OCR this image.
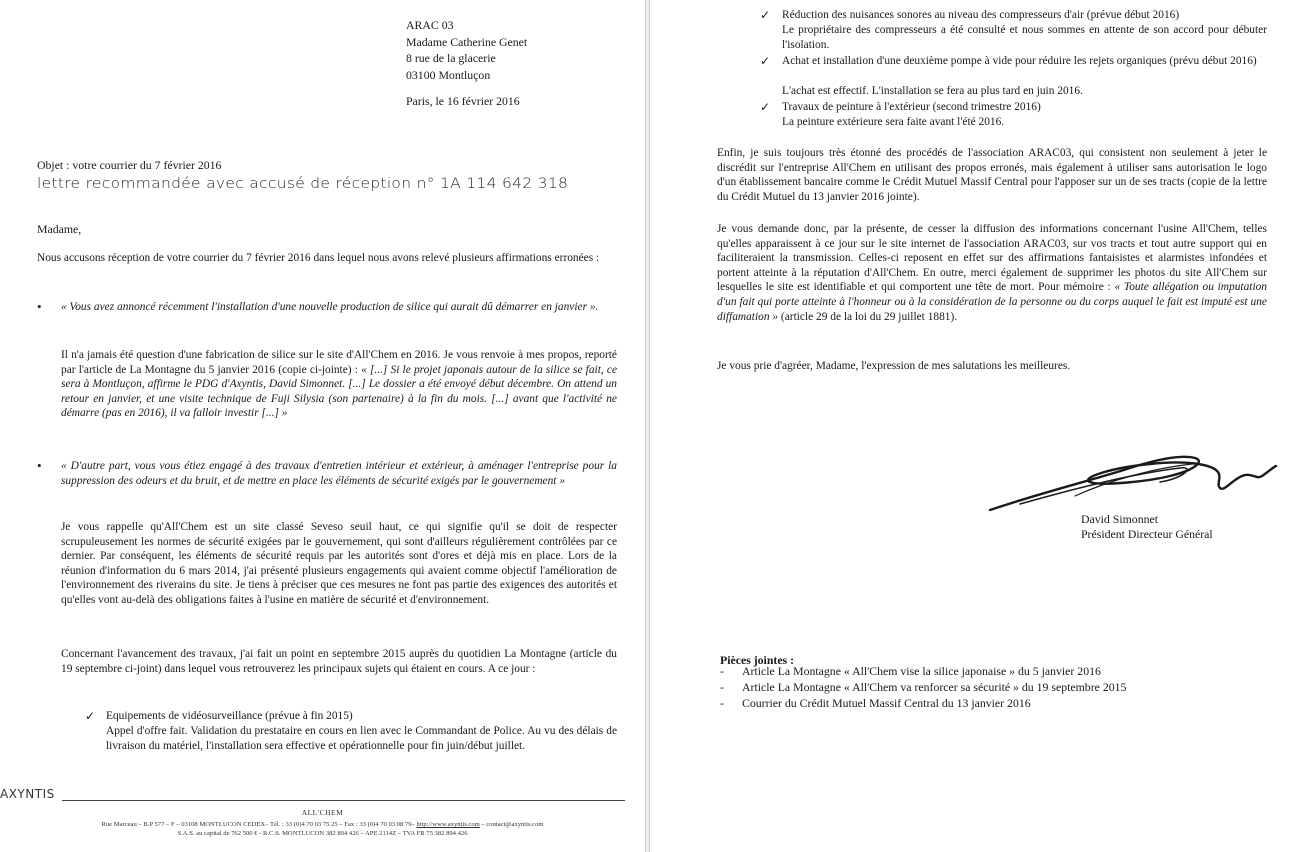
ARAC 03
Madame Catherine Genet
8 rue de la glacerie
03100 Montluçon
Paris, le 16 février 2016
Objet : votre courrier du 7 février 2016
lettre recommandée avec accusé de réception n° 1A 114 642 318
Madame,
Nous accusons réception de votre courrier du 7 février 2016 dans lequel nous avons relevé plusieurs affirmations erronées :
• « Vous avez annoncé récemment l'installation d'une nouvelle production de silice qui aurait dû démarrer en janvier ».
Il n'a jamais été question d'une fabrication de silice sur le site d'All'Chem en 2016. Je vous renvoie à mes propos, reporté par l'article de La Montagne du 5 janvier 2016 (copie ci-jointe) : « [...] Si le projet japonais autour de la silice se fait, ce sera à Montluçon, affirme le PDG d'Axyntis, David Simonnet. [...] Le dossier a été envoyé début décembre. On attend un retour en janvier, et une visite technique de Fuji Silysia (son partenaire) à la fin du mois. [...] avant que l'activité ne démarre (pas en 2016), il va falloir investir [...] »
• « D'autre part, vous vous étiez engagé à des travaux d'entretien intérieur et extérieur, à aménager l'entreprise pour la suppression des odeurs et du bruit, et de mettre en place les éléments de sécurité exigés par le gouvernement »
Je vous rappelle qu'All'Chem est un site classé Seveso seuil haut, ce qui signifie qu'il se doit de respecter scrupuleusement les normes de sécurité exigées par le gouvernement, qui sont d'ailleurs régulièrement contrôlées par ce dernier. Par conséquent, les éléments de sécurité requis par les autorités sont d'ores et déjà mis en place. Lors de la réunion d'information du 6 mars 2014, j'ai présenté plusieurs engagements qui avaient comme objectif l'amélioration de l'environnement des riverains du site. Je tiens à préciser que ces mesures ne font pas partie des exigences des autorités et qu'elles vont au-delà des obligations faites à l'usine en matière de sécurité et d'environnement.
Concernant l'avancement des travaux, j'ai fait un point en septembre 2015 auprès du quotidien La Montagne (article du 19 septembre ci-joint) dans lequel vous retrouverez les principaux sujets qui étaient en cours. A ce jour :
✓ Equipements de vidéosurveillance (prévue à fin 2015)
Appel d'offre fait. Validation du prestataire en cours en lien avec le Commandant de Police. Au vu des délais de livraison du matériel, l'installation sera effective et opérationnelle pour fin juin/début juillet.
AXYNTIS
ALL'CHEM
Rue Marceau – B.P 577 – F – 03108 MONTLUCON CEDEX– Tél. : 33 (0)4 70 03 75 25 – Fax : 33 (0)4 70 03 08 79– http://www.axyntis.com – contact@axyntis.com
S.A.S. au capital de 762 500 € - R.C.S. MONTLUCON 382 894 426 – APE 2114Z – TVA FR 75 382 894 426
✓ Réduction des nuisances sonores au niveau des compresseurs d'air (prévue début 2016)
Le propriétaire des compresseurs a été consulté et nous sommes en attente de son accord pour débuter l'isolation.
✓ Achat et installation d'une deuxième pompe à vide pour réduire les rejets organiques (prévu début 2016)
L'achat est effectif. L'installation se fera au plus tard en juin 2016.
✓ Travaux de peinture à l'extérieur (second trimestre 2016)
La peinture extérieure sera faite avant l'été 2016.
Enfin, je suis toujours très étonné des procédés de l'association ARAC03, qui consistent non seulement à jeter le discrédit sur l'entreprise All'Chem en utilisant des propos erronés, mais également à utiliser sans autorisation le logo d'un établissement bancaire comme le Crédit Mutuel Massif Central pour l'apposer sur un de ses tracts (copie de la lettre du Crédit Mutuel du 13 janvier 2016 jointe).
Je vous demande donc, par la présente, de cesser la diffusion des informations concernant l'usine All'Chem, telles qu'elles apparaissent à ce jour sur le site internet de l'association ARAC03, sur vos tracts et tout autre support qui en faciliteraient la transmission. Celles-ci reposent en effet sur des affirmations fantaisistes et alarmistes infondées et portent atteinte à la réputation d'All'Chem. En outre, merci également de supprimer les photos du site All'Chem sur lesquelles le site est identifiable et qui comportent une tête de mort. Pour mémoire : « Toute allégation ou imputation d'un fait qui porte atteinte à l'honneur ou à la considération de la personne ou du corps auquel le fait est imputé est une diffamation » (article 29 de la loi du 29 juillet 1881).
Je vous prie d'agréer, Madame, l'expression de mes salutations les meilleures.
David Simonnet
Président Directeur Général
Pièces jointes :
- Article La Montagne « All'Chem vise la silice japonaise » du 5 janvier 2016
- Article La Montagne « All'Chem va renforcer sa sécurité » du 19 septembre 2015
- Courrier du Crédit Mutuel Massif Central du 13 janvier 2016
